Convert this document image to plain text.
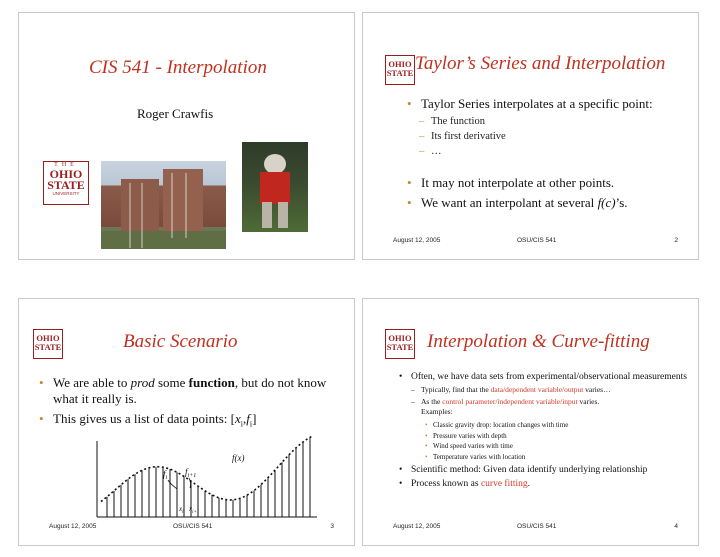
CIS 541 - Interpolation
Roger Crawfis
THE
OHIO
STATE
UNIVERSITY
OHIO
STATE Taylor’s Series and Interpolation
• Taylor Series interpolates at a specific point:
– The function
– Its first derivative
– …
• It may not interpolate at other points.
• We want an interpolant at several f(c)’s.
August 12, 2005	OSU/CIS 541	2
OHIO
STATE	Basic Scenario
• We are able to prod some function, but do not know what it really is.
• This gives us a list of data points: $[x_i,f_i]$
f(x)
$f_i$
$f_{i+1}$
$x_i$ $x_{i+1}$
August 12, 2005	OSU/CIS 541	3
OHIO
STATE Interpolation & Curve-fitting
• Often, we have data sets from experimental/observational measurements
– Typically, find that the data/dependent variable/output varies…
– As the control parameter/independent variable/input varies.
Examples:
• Classic gravity drop: location changes with time
• Pressure varies with depth
• Wind speed varies with time
• Temperature varies with location
• Scientific method: Given data identify underlying relationship
• Process known as curve fitting.
August 12, 2005	OSU/CIS 541	4
